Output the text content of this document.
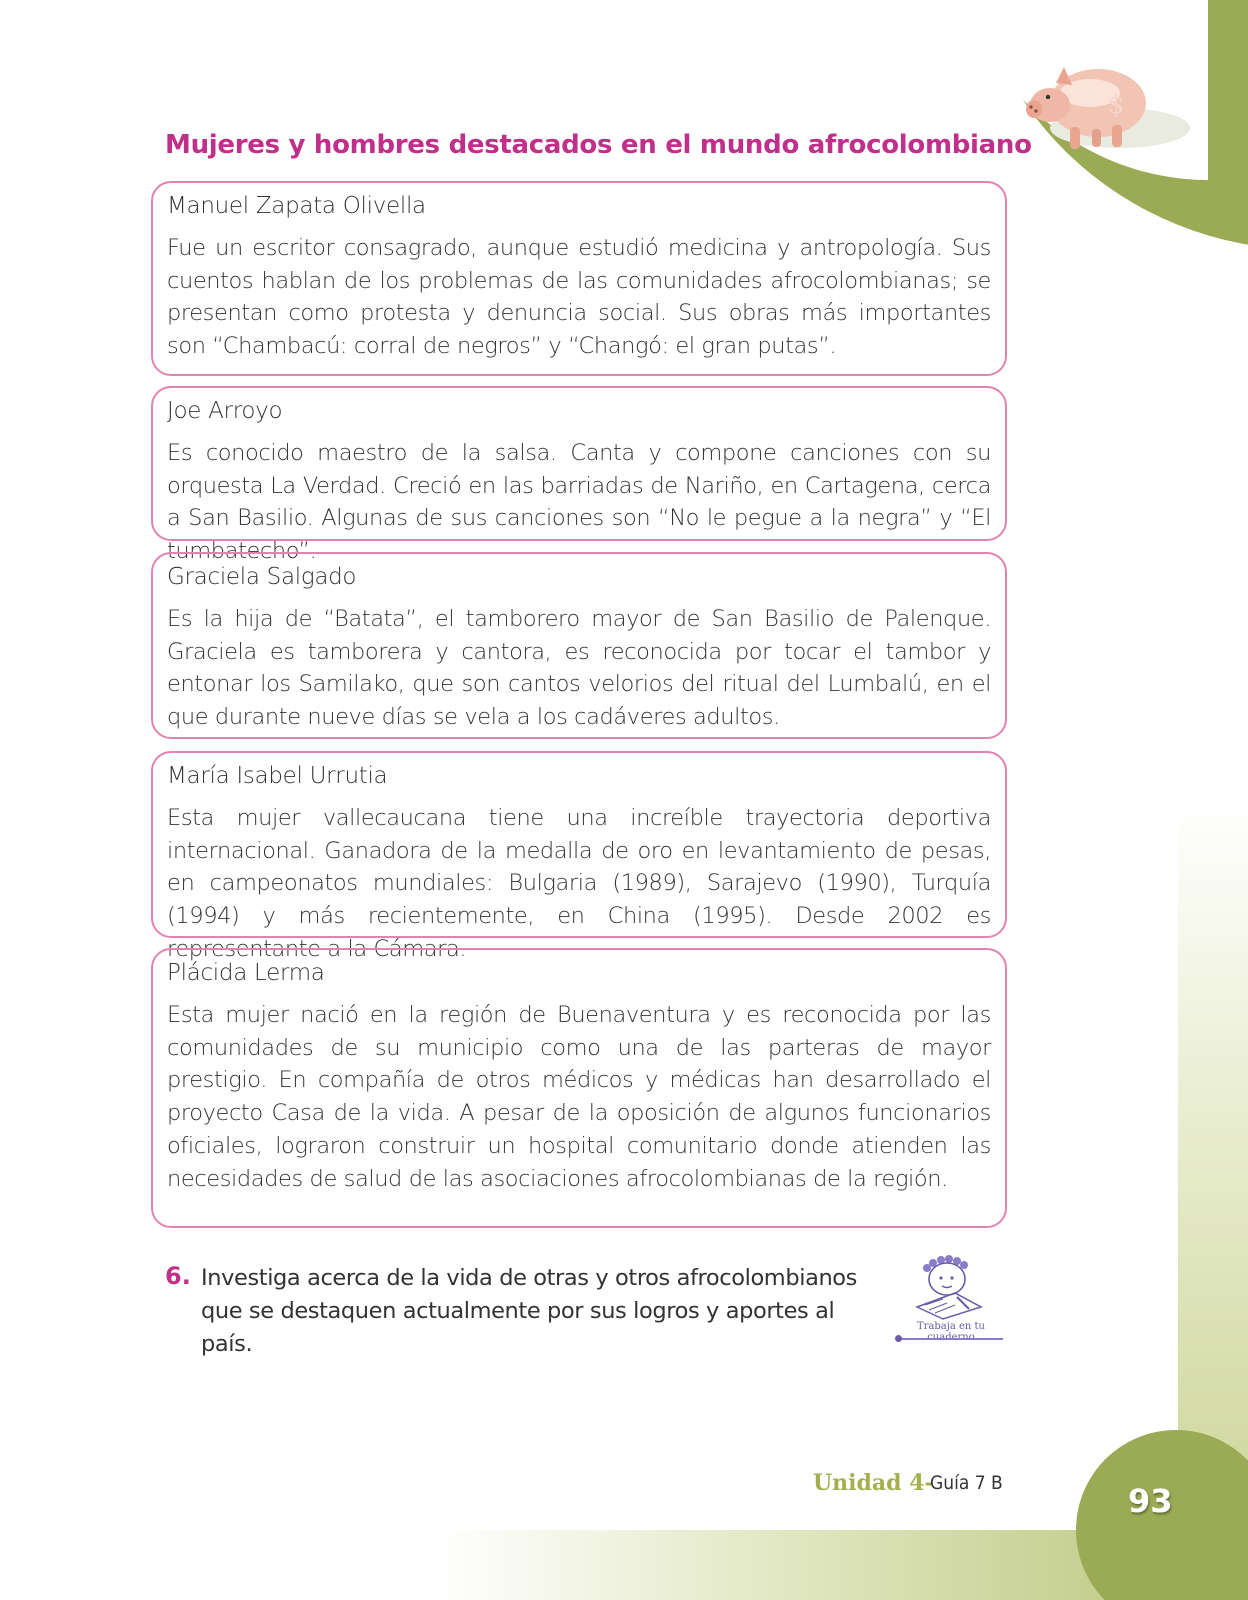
$
Mujeres y hombres destacados en el mundo afrocolombiano
Manuel Zapata Olivella

Fue un escritor consagrado, aunque estudió medicina y antropología. Sus cuentos hablan de los problemas de las comunidades afrocolombianas; se presentan como protesta y denuncia social. Sus obras más importantes son “Chambacú: corral de negros” y “Changó: el gran putas”.

Joe Arroyo

Es conocido maestro de la salsa. Canta y compone canciones con su orquesta La Verdad. Creció en las barriadas de Nariño, en Cartagena, cerca a San Basilio. Algunas de sus canciones son “No le pegue a la negra” y “El tumbatecho”.

Graciela Salgado

Es la hija de “Batata”, el tamborero mayor de San Basilio de Palenque. Graciela es tamborera y cantora, es reconocida por tocar el tambor y entonar los Samilako, que son cantos velorios del ritual del Lumbalú, en el que durante nueve días se vela a los cadáveres adultos.

María Isabel Urrutia

Esta mujer vallecaucana tiene una increíble trayectoria deportiva internacional. Ganadora de la medalla de oro en levantamiento de pesas, en campeonatos mundiales: Bulgaria (1989), Sarajevo (1990), Turquía (1994) y más recientemente, en China (1995). Desde 2002 es representante a la Cámara.

Plácida Lerma

Esta mujer nació en la región de Buenaventura y es reconocida por las comunidades de su municipio como una de las parteras de mayor prestigio. En compañía de otros médicos y médicas han desarrollado el proyecto Casa de la vida. A pesar de la oposición de algunos funcionarios oficiales, lograron construir un hospital comunitario donde atienden las necesidades de salud de las asociaciones afrocolombianas de la región.

6. Investiga acerca de la vida de otras y otros afrocolombianos que se destaquen actualmente por sus logros y aportes al país.

Trabaja en tu
Unidad 4-
Guía 7 B	93
